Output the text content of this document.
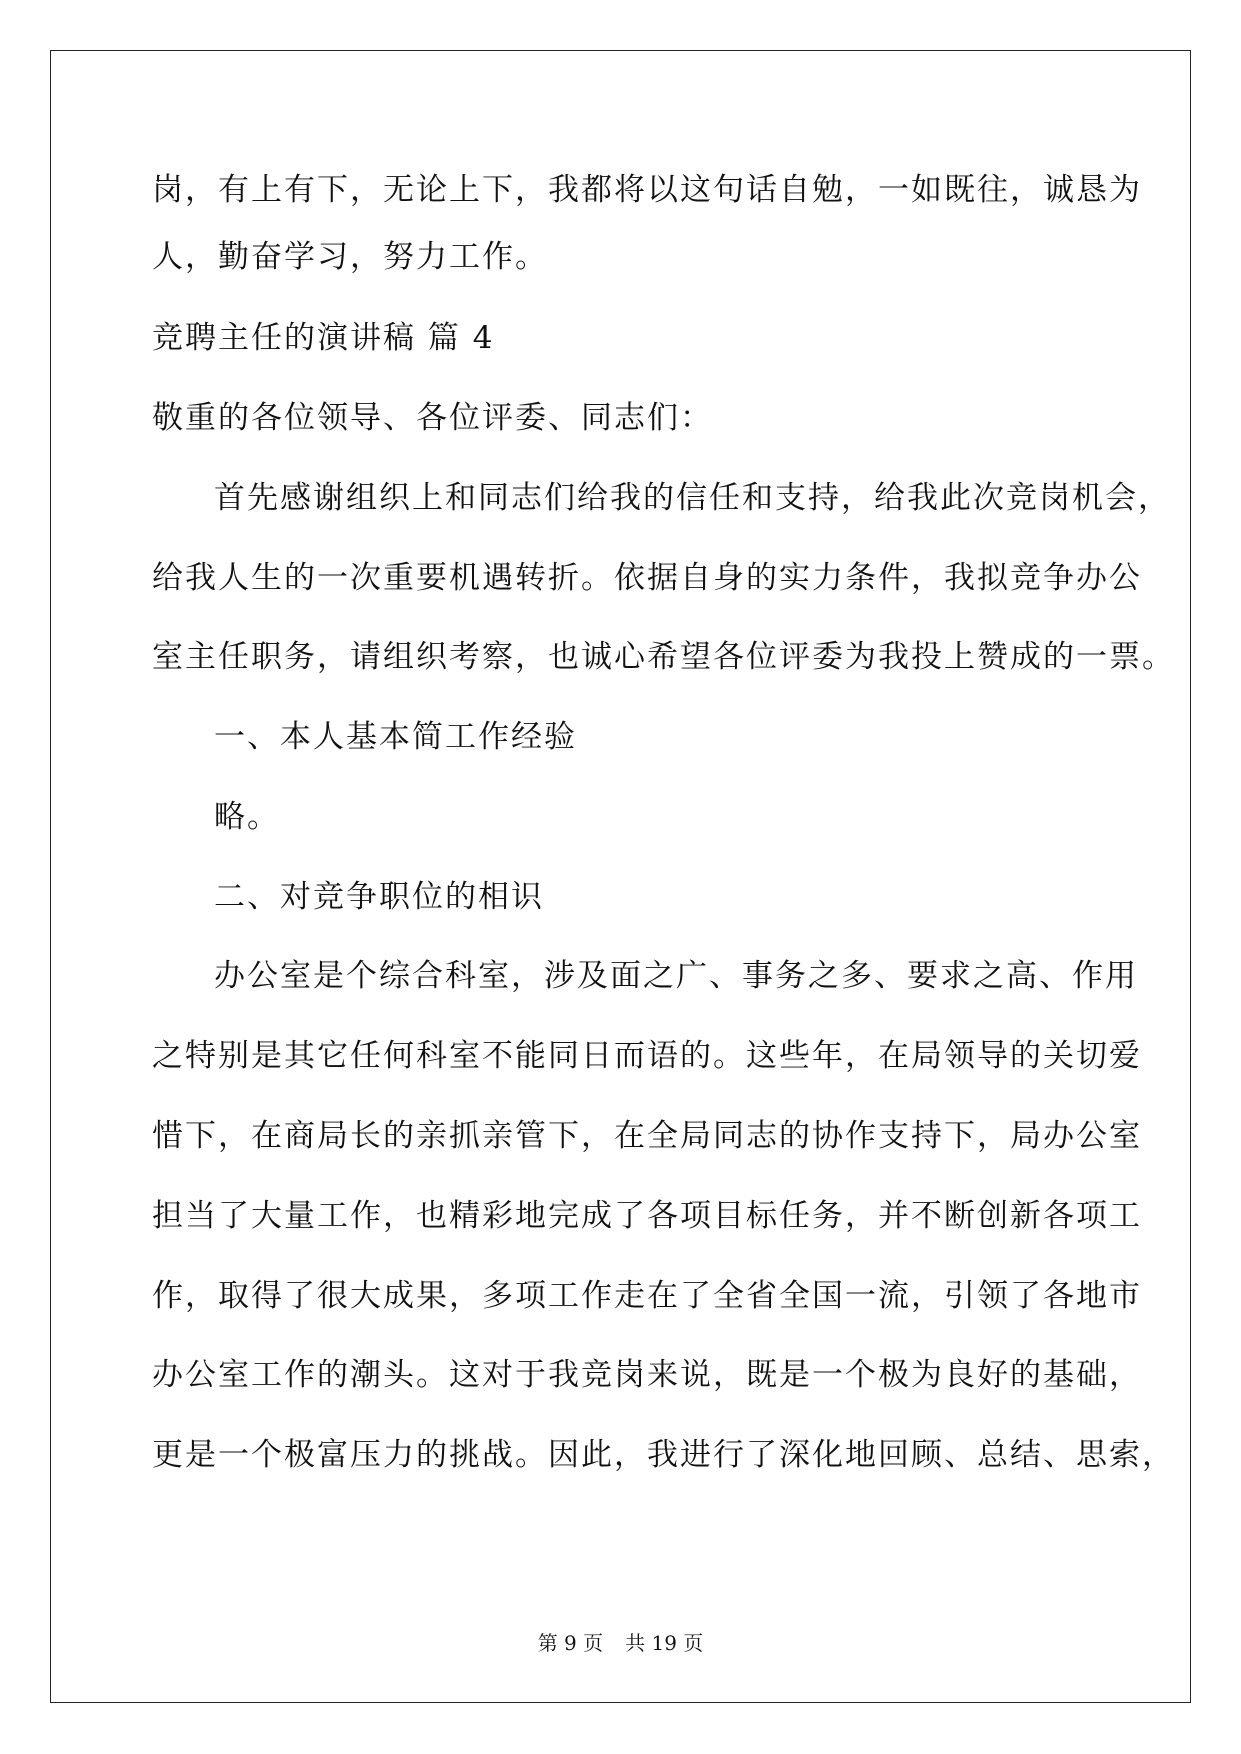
岗，有上有下，无论上下，我都将以这句话自勉，一如既往，诚恳为
人，勤奋学习，努力工作。
竞聘主任的演讲稿 篇 4
敬重的各位领导、各位评委、同志们：
首先感谢组织上和同志们给我的信任和支持，给我此次竞岗机会，
给我人生的一次重要机遇转折。依据自身的实力条件，我拟竞争办公
室主任职务，请组织考察，也诚心希望各位评委为我投上赞成的一票。
一、本人基本简工作经验
略。
二、对竞争职位的相识
办公室是个综合科室，涉及面之广、事务之多、要求之高、作用
之特别是其它任何科室不能同日而语的。这些年，在局领导的关切爱
惜下，在商局长的亲抓亲管下，在全局同志的协作支持下，局办公室
担当了大量工作，也精彩地完成了各项目标任务，并不断创新各项工
作，取得了很大成果，多项工作走在了全省全国一流，引领了各地市
办公室工作的潮头。这对于我竞岗来说，既是一个极为良好的基础，
更是一个极富压力的挑战。因此，我进行了深化地回顾、总结、思索，
第 9 页 共 19 页
